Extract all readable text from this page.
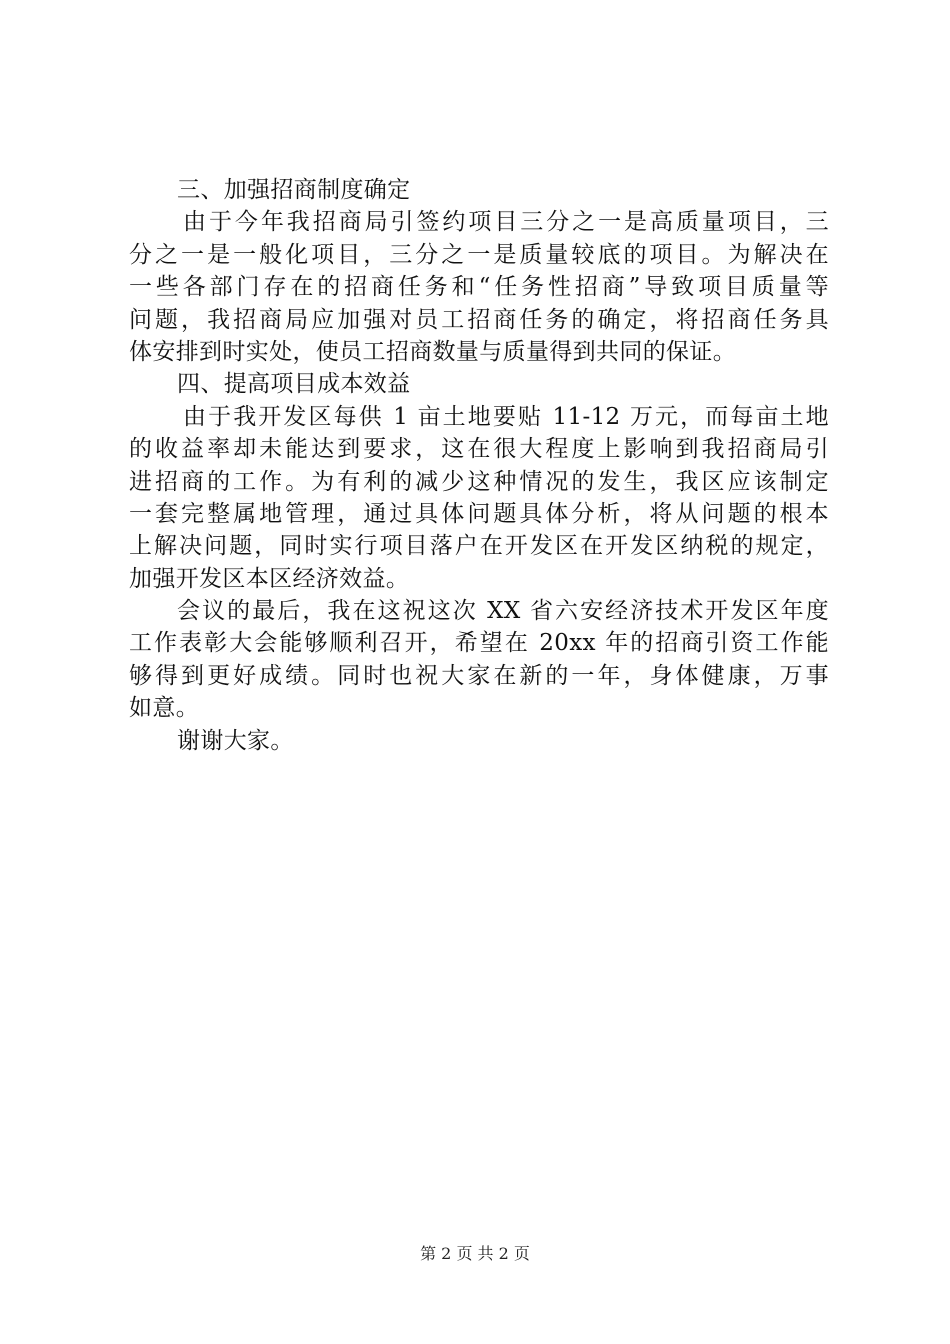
三、加强招商制度确定
由于今年我招商局引签约项目三分之一是高质量项目，三
分之一是一般化项目，三分之一是质量较底的项目。为解决在
一些各部门存在的招商任务和“任务性招商”导致项目质量等
问题，我招商局应加强对员工招商任务的确定，将招商任务具
体安排到时实处，使员工招商数量与质量得到共同的保证。
四、提高项目成本效益
由于我开发区每供 1 亩土地要贴 11-12 万元，而每亩土地
的收益率却未能达到要求，这在很大程度上影响到我招商局引
进招商的工作。为有利的减少这种情况的发生，我区应该制定
一套完整属地管理，通过具体问题具体分析，将从问题的根本
上解决问题，同时实行项目落户在开发区在开发区纳税的规定，
加强开发区本区经济效益。
会议的最后，我在这祝这次 XX 省六安经济技术开发区年度
工作表彰大会能够顺利召开，希望在 20xx 年的招商引资工作能
够得到更好成绩。同时也祝大家在新的一年，身体健康，万事
如意。
谢谢大家。
第 2 页 共 2 页
